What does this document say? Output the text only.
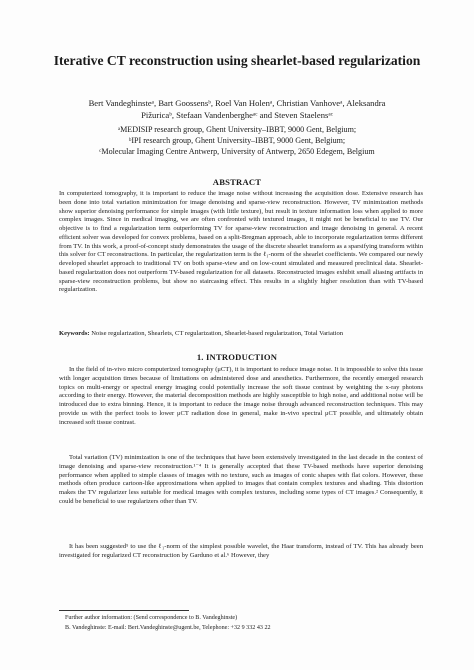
Iterative CT reconstruction using shearlet-based regularization
Bert Vandeghinsteᵃ, Bart Goossensᵇ, Roel Van Holenᵃ, Christian Vanhoveᵃ, Aleksandra
Pižuricaᵇ, Stefaan Vandenbergheᵃᶜ and Steven Staelensᵃᶜ
ᵃMEDISIP research group, Ghent University–IBBT, 9000 Gent, Belgium;
ᵇIPI research group, Ghent University–IBBT, 9000 Gent, Belgium;
ᶜMolecular Imaging Centre Antwerp, University of Antwerp, 2650 Edegem, Belgium
ABSTRACT

In computerized tomography, it is important to reduce the image noise without increasing the acquisition dose. Extensive research has been done into total variation minimization for image denoising and sparse-view reconstruction. However, TV minimization methods show superior denoising performance for simple images (with little texture), but result in texture information loss when applied to more complex images. Since in medical imaging, we are often confronted with textured images, it might not be beneficial to use TV. Our objective is to find a regularization term outperforming TV for sparse-view reconstruction and image denoising in general. A recent efficient solver was developed for convex problems, based on a split-Bregman approach, able to incorporate regularization terms different from TV. In this work, a proof-of-concept study demonstrates the usage of the discrete shearlet transform as a sparsifying transform within this solver for CT reconstructions. In particular, the regularization term is the ℓ₁-norm of the shearlet coefficients. We compared our newly developed shearlet approach to traditional TV on both sparse-view and on low-count simulated and measured preclinical data. Shearlet-based regularization does not outperform TV-based regularization for all datasets. Reconstructed images exhibit small aliasing artifacts in sparse-view reconstruction problems, but show no staircasing effect. This results in a slightly higher resolution than with TV-based regularization.

Keywords: Noise regularization, Shearlets, CT regularization, Shearlet-based regularization, Total Variation

1. INTRODUCTION

In the field of in-vivo micro computerized tomography (μCT), it is important to reduce image noise. It is impossible to solve this issue with longer acquisition times because of limitations on administered dose and anesthetics. Furthermore, the recently emerged research topics on multi-energy or spectral energy imaging could potentially increase the soft tissue contrast by weighting the x-ray photons according to their energy. However, the material decomposition methods are highly susceptible to high noise, and additional noise will be introduced due to extra binning. Hence, it is important to reduce the image noise through advanced reconstruction techniques. This may provide us with the perfect tools to lower μCT radiation dose in general, make in-vivo spectral μCT possible, and ultimately obtain increased soft tissue contrast.

Total variation (TV) minimization is one of the techniques that have been extensively investigated in the last decade in the context of image denoising and sparse-view reconstruction.¹⁻⁴ It is generally accepted that these TV-based methods have superior denoising performance when applied to simple classes of images with no texture, such as images of conic shapes with flat colors. However, these methods often produce cartoon-like approximations when applied to images that contain complex textures and shading. This distortion makes the TV regularizer less suitable for medical images with complex textures, including some types of CT images.² Consequently, it could be beneficial to use regularizers other than TV.

It has been suggested⁵ to use the ℓ₁-norm of the simplest possible wavelet, the Haar transform, instead of TV. This has already been investigated for regularized CT reconstruction by Garduno et al.⁶ However, they

Further author information: (Send correspondence to B. Vandeghinste)
B. Vandeghinste: E-mail: Bert.Vandeghinste@ugent.be, Telephone: +32 9 332 43 22
